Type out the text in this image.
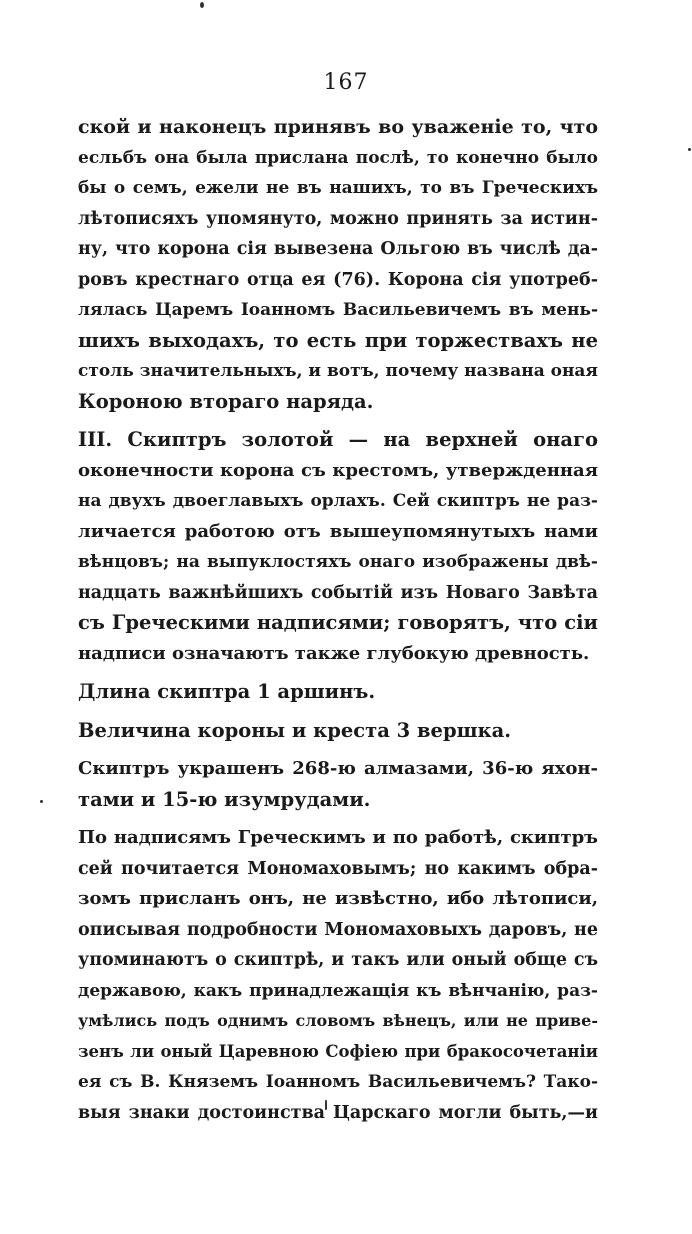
167
ской и наконецъ принявъ во уваженіе то, что
есльбъ она была прислана послѣ, то конечно было
бы о семъ, ежели не въ нашихъ, то въ Греческихъ
лѣтописяхъ упомянуто, можно принять за истин-
ну, что корона сія вывезена Ольгою въ числѣ да-
ровъ крестнаго отца ея (76). Корона сія употреб-
лялась Царемъ Іоанномъ Васильевичемъ въ мень-
шихъ выходахъ, то есть при торжествахъ не
столь значительныхъ, и вотъ, почему названа оная
Короною втораго наряда.
III. Скиптръ золотой — на верхней онаго
оконечности корона съ крестомъ, утвержденная
на двухъ двоеглавыхъ орлахъ. Сей скиптръ не раз-
личается работою отъ вышеупомянутыхъ нами
вѣнцовъ; на выпуклостяхъ онаго изображены двѣ-
надцать важнѣйшихъ событій изъ Новаго Завѣта
съ Греческими надписями; говорятъ, что сіи
надписи означаютъ также глубокую древность.
Длина скиптра 1 аршинъ.
Величина короны и креста 3 вершка.
Скиптръ украшенъ 268-ю алмазами, 36-ю яхон-
тами и 15-ю изумрудами.
По надписямъ Греческимъ и по работѣ, скиптръ
сей почитается Мономаховымъ; но какимъ обра-
зомъ присланъ онъ, не извѣстно, ибо лѣтописи,
описывая подробности Мономаховыхъ даровъ, не
упоминаютъ о скиптрѣ, и такъ или оный обще съ
державою, какъ принадлежащія къ вѣнчанію, раз-
умѣлись подъ однимъ словомъ вѣнецъ, или не приве-
зенъ ли оный Царевною Софіею при бракосочетаніи
ея съ В. Княземъ Іоанномъ Васильевичемъ? Тако-
выя знаки достоинства Царскаго могли быть,—и
